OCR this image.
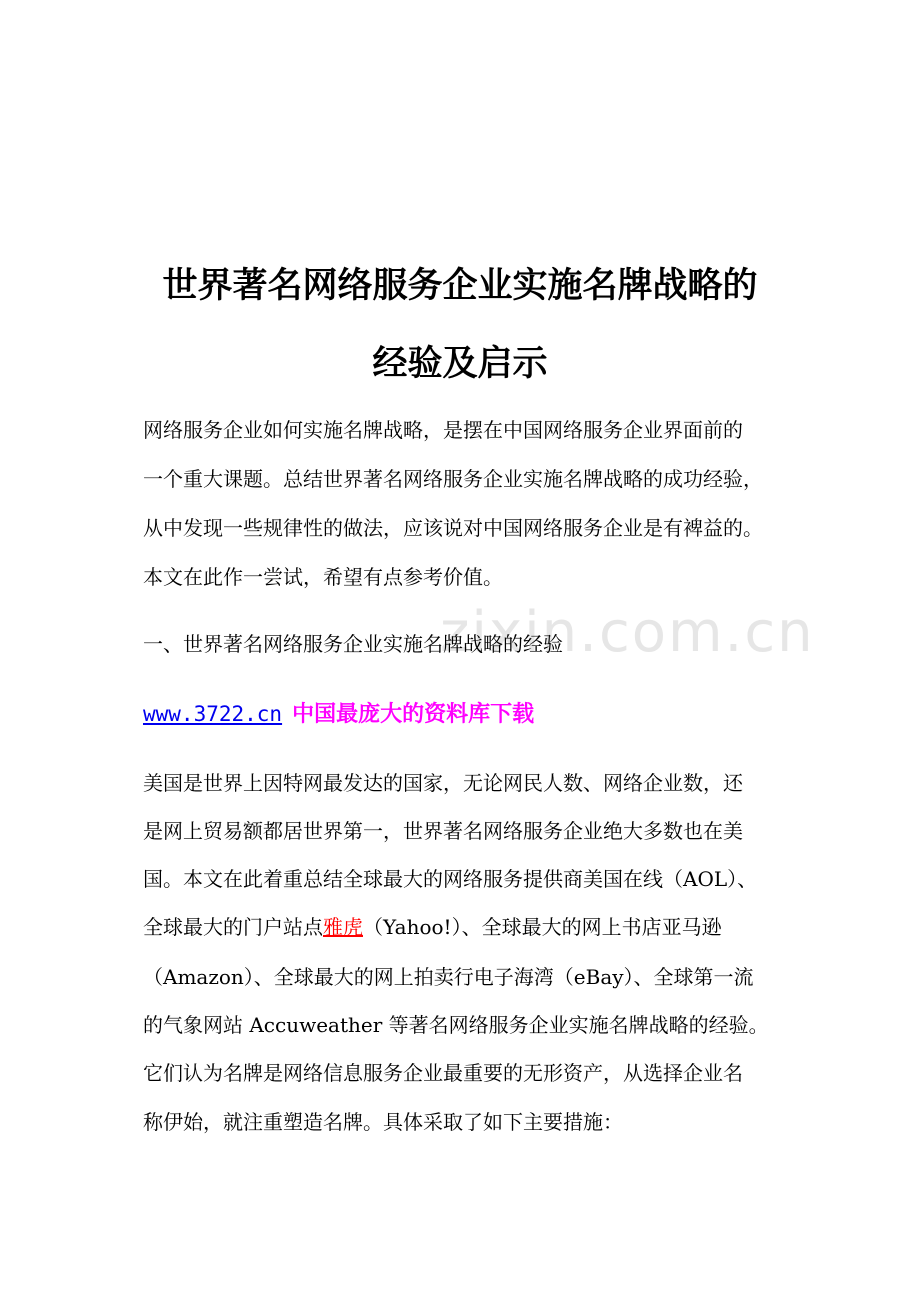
zixin.com.cn
世界著名网络服务企业实施名牌战略的
经验及启示
网络服务企业如何实施名牌战略，是摆在中国网络服务企业界面前的
一个重大课题。总结世界著名网络服务企业实施名牌战略的成功经验，
从中发现一些规律性的做法，应该说对中国网络服务企业是有裨益的。
本文在此作一尝试，希望有点参考价值。
一、世界著名网络服务企业实施名牌战略的经验
www.3722.cn 中国最庞大的资料库下载
美国是世界上因特网最发达的国家，无论网民人数、网络企业数，还
是网上贸易额都居世界第一，世界著名网络服务企业绝大多数也在美
国。本文在此着重总结全球最大的网络服务提供商美国在线（AOL）、
全球最大的门户站点雅虎（Yahoo!）、全球最大的网上书店亚马逊
（Amazon）、全球最大的网上拍卖行电子海湾（eBay）、全球第一流
的气象网站 Accuweather 等著名网络服务企业实施名牌战略的经验。
它们认为名牌是网络信息服务企业最重要的无形资产，从选择企业名
称伊始，就注重塑造名牌。具体采取了如下主要措施：
